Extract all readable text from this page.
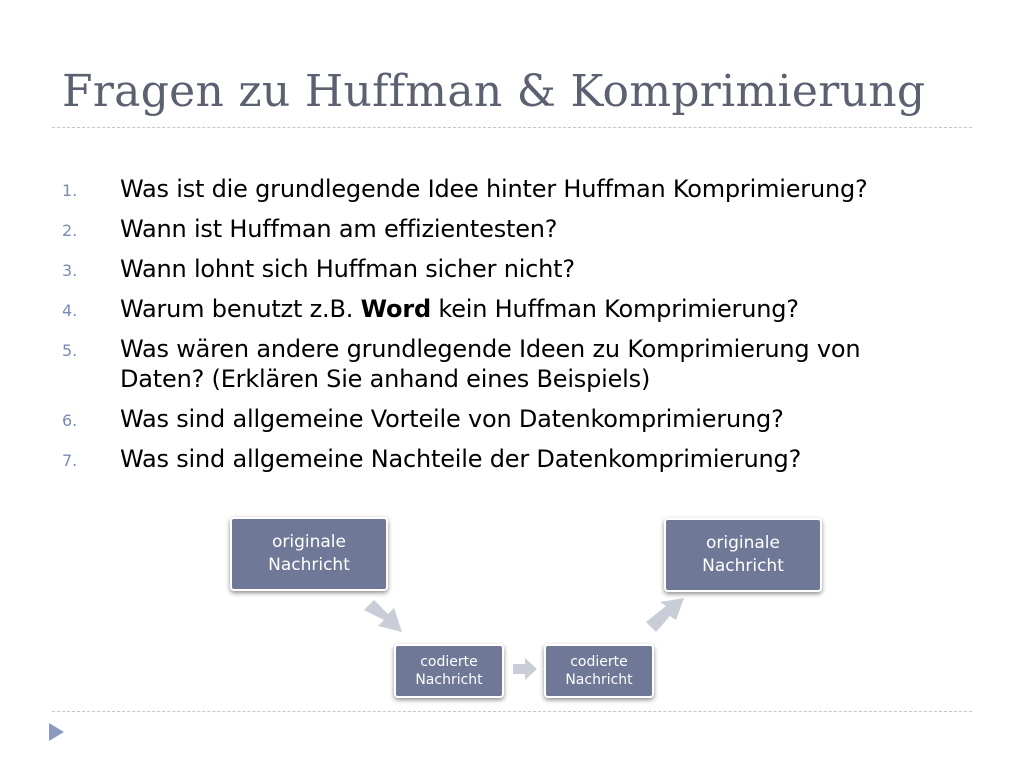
Fragen zu Huffman & Komprimierung
1.	Was ist die grundlegende Idee hinter Huffman Komprimierung?
2.	Wann ist Huffman am effizientesten?
3.	Wann lohnt sich Huffman sicher nicht?
4.	Warum benutzt z.B. Word kein Huffman Komprimierung?
5.	Was wären andere grundlegende Ideen zu Komprimierung von
Daten? (Erklären Sie anhand eines Beispiels)
6.	Was sind allgemeine Vorteile von Datenkomprimierung?
7.	Was sind allgemeine Nachteile der Datenkomprimierung?
originale
Nachricht
codierte
Nachricht
codierte
Nachricht
originale
Nachricht
